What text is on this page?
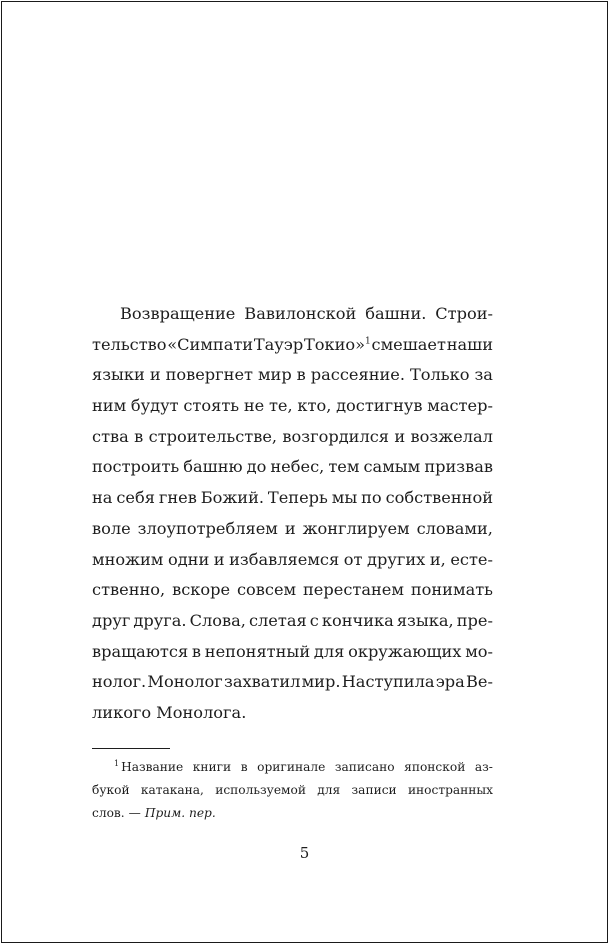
Возвращение Вавилонской башни. Строи-
тельство «Симпати Тауэр Токио»$^1$ смешает наши
языки и повергнет мир в рассеяние. Только за
ним будут стоять не те, кто, достигнув мастер-
ства в строительстве, возгордился и возжелал
построить башню до небес, тем самым призвав
на себя гнев Божий. Теперь мы по собственной
воле злоупотребляем и жонглируем словами,
множим одни и избавляемся от других и, есте-
ственно, вскоре совсем перестанем понимать
друг друга. Слова, слетая с кончика языка, пре-
вращаются в непонятный для окружающих мо-
нолог. Монолог захватил мир. Наступила эра Ве-
ликого Монолога.
$^1$ Название книги в оригинале записано японской аз-
букой катакана, используемой для записи иностранных
слов. — Прим. пер.
5
